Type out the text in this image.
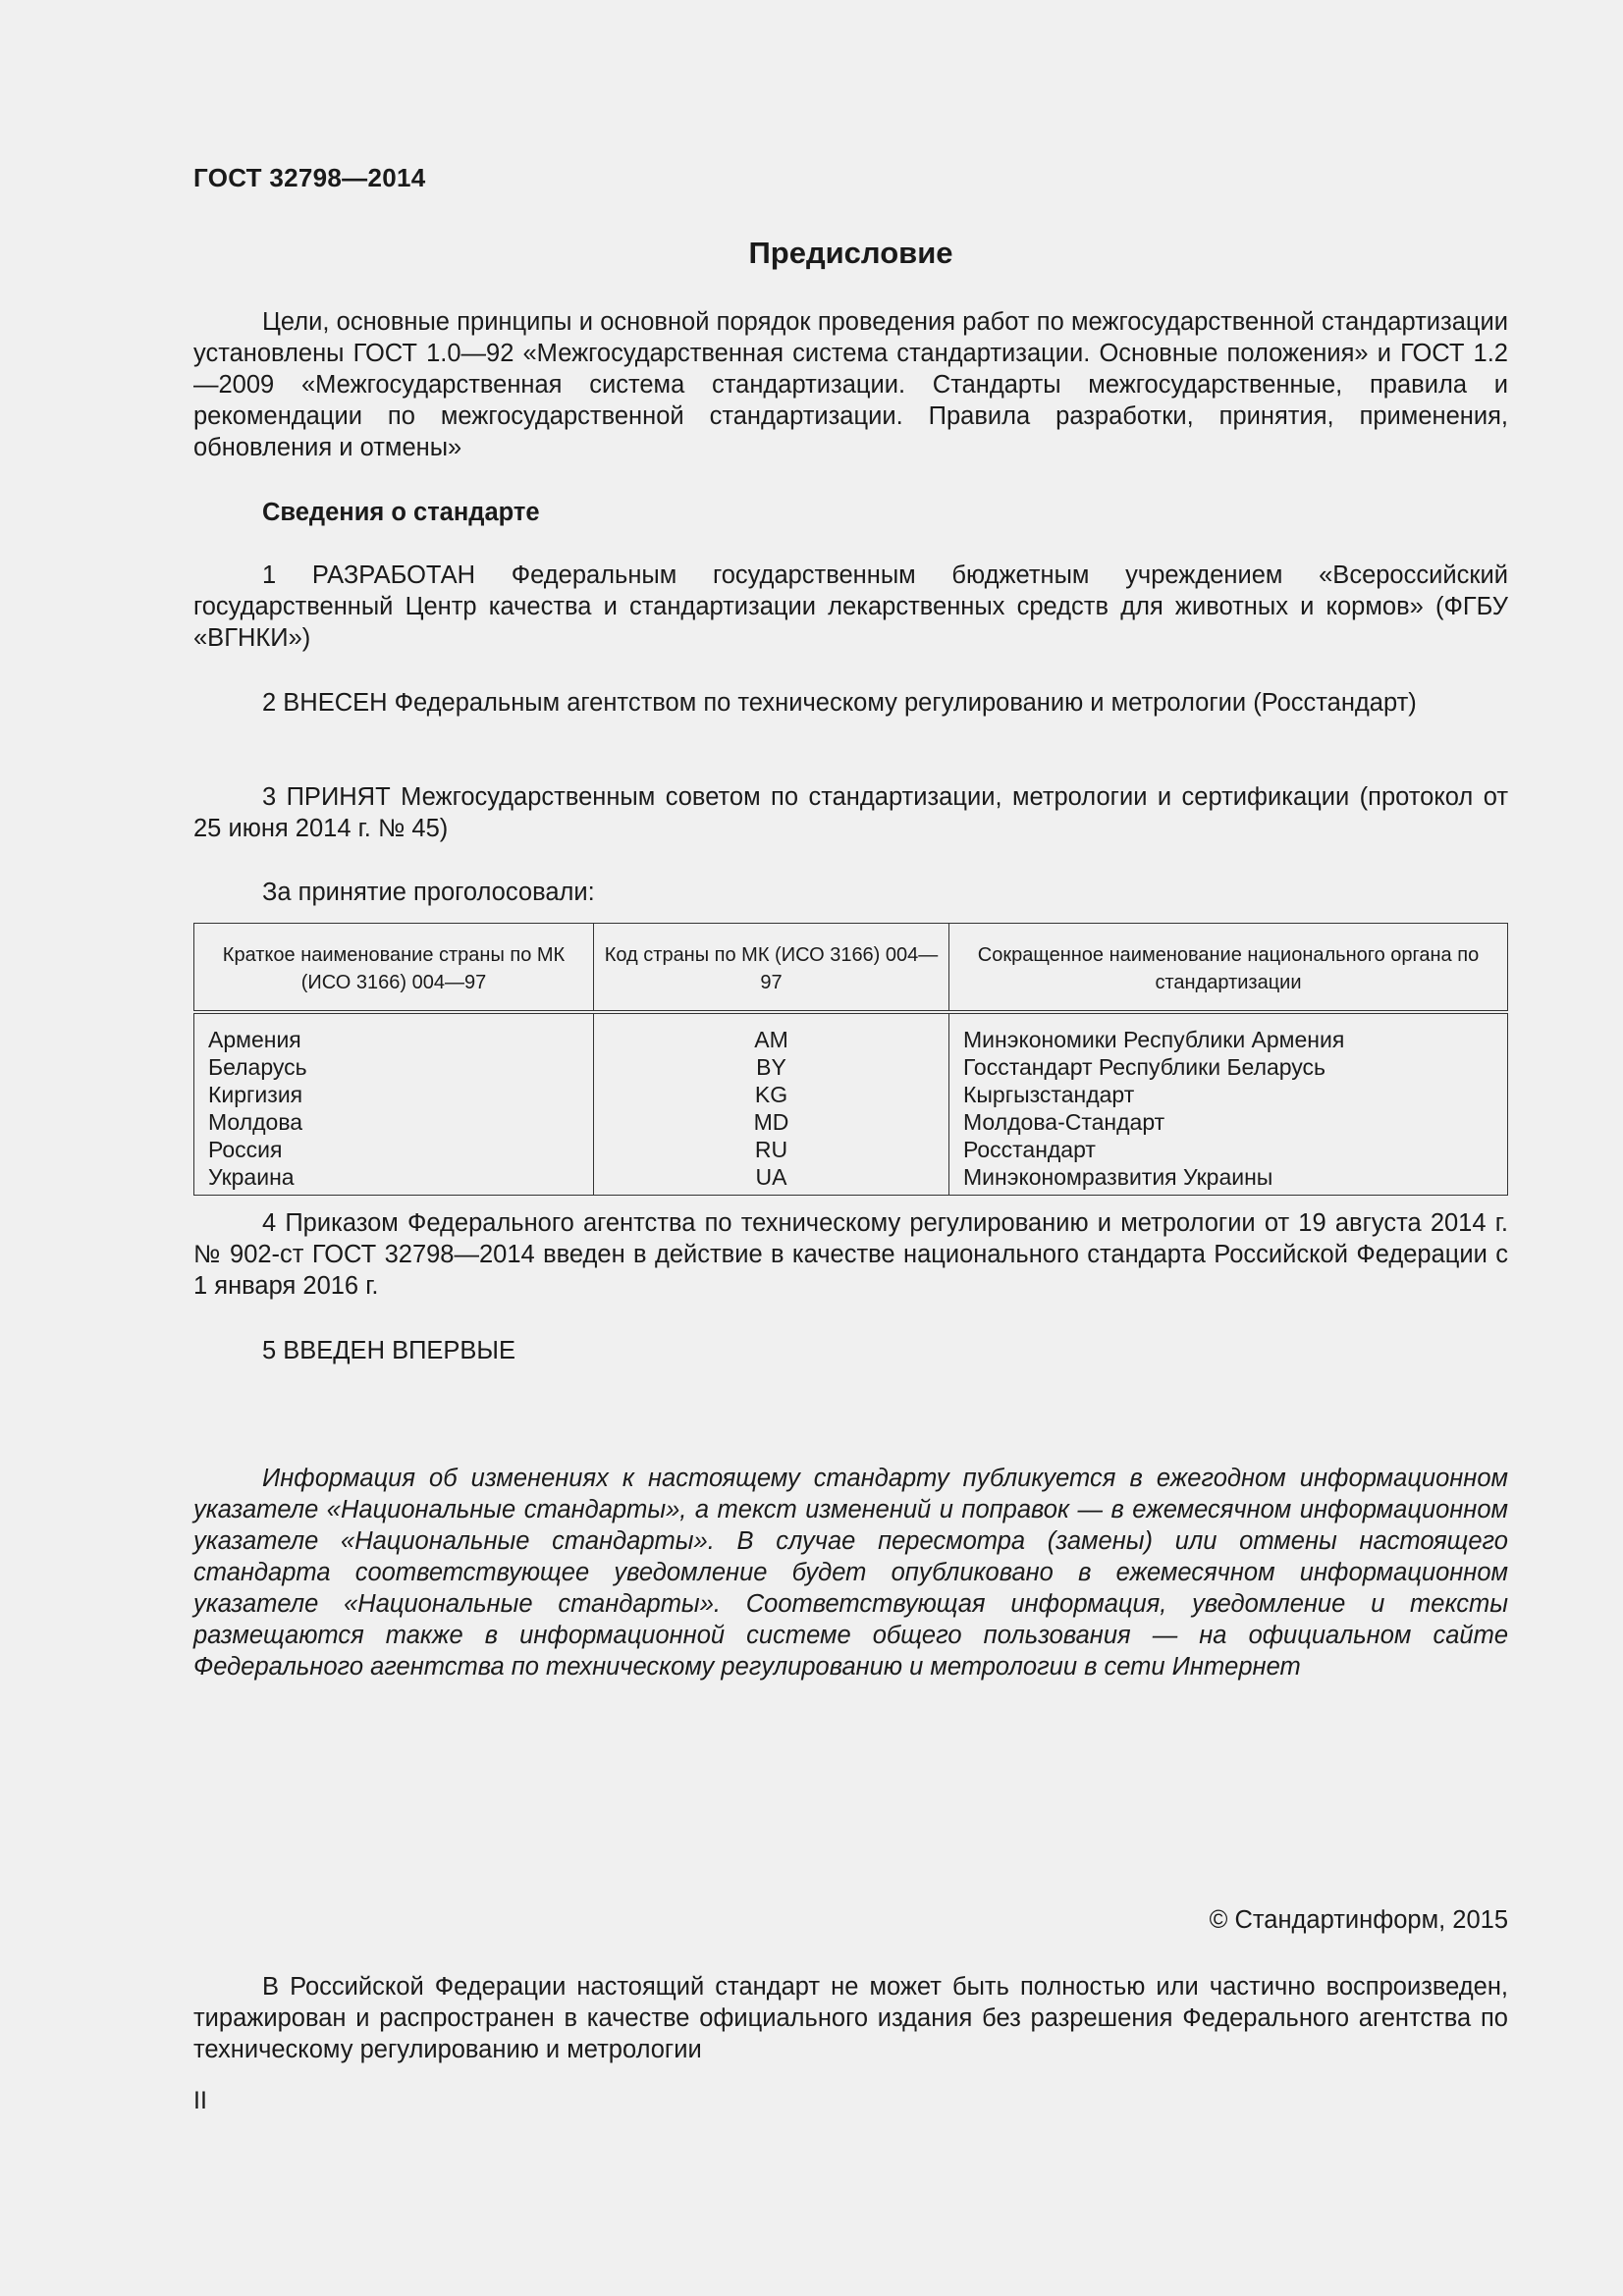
ГОСТ 32798—2014
Предисловие

Цели, основные принципы и основной порядок проведения работ по межгосударственной стандартизации установлены ГОСТ 1.0—92 «Межгосударственная система стандартизации. Основные положения» и ГОСТ 1.2—2009 «Межгосударственная система стандартизации. Стандарты межгосударственные, правила и рекомендации по межгосударственной стандартизации. Правила разработки, принятия, применения, обновления и отмены»

Сведения о стандарте

1 РАЗРАБОТАН Федеральным государственным бюджетным учреждением «Всероссийский государственный Центр качества и стандартизации лекарственных средств для животных и кормов» (ФГБУ «ВГНКИ»)

2 ВНЕСЕН Федеральным агентством по техническому регулированию и метрологии (Росстандарт)

3 ПРИНЯТ Межгосударственным советом по стандартизации, метрологии и сертификации (протокол от 25 июня 2014 г. № 45)

За принятие проголосовали:

Краткое наименование страны по МК (ИСО 3166) 004—97	Код страны по МК (ИСО 3166) 004—97	Сокращенное наименование национального органа по стандартизации
Армения	AM	Минэкономики Республики Армения
Беларусь	BY	Госстандарт Республики Беларусь
Киргизия	KG	Кыргызстандарт
Молдова	MD	Молдова-Стандарт
Россия	RU	Росстандарт
Украина	UA	Минэкономразвития Украины

4 Приказом Федерального агентства по техническому регулированию и метрологии от 19 августа 2014 г. № 902-ст ГОСТ 32798—2014 введен в действие в качестве национального стандарта Российской Федерации с 1 января 2016 г.

5 ВВЕДЕН ВПЕРВЫЕ

Информация об изменениях к настоящему стандарту публикуется в ежегодном информационном указателе «Национальные стандарты», а текст изменений и поправок — в ежемесячном информационном указателе «Национальные стандарты». В случае пересмотра (замены) или отмены настоящего стандарта соответствующее уведомление будет опубликовано в ежемесячном информационном указателе «Национальные стандарты». Соответствующая информация, уведомление и тексты размещаются также в информационной системе общего пользования — на официальном сайте Федерального агентства по техническому регулированию и метрологии в сети Интернет

© Стандартинформ, 2015

В Российской Федерации настоящий стандарт не может быть полностью или частично воспроизведен, тиражирован и распространен в качестве официального издания без разрешения Федерального агентства по техническому регулированию и метрологии

II
